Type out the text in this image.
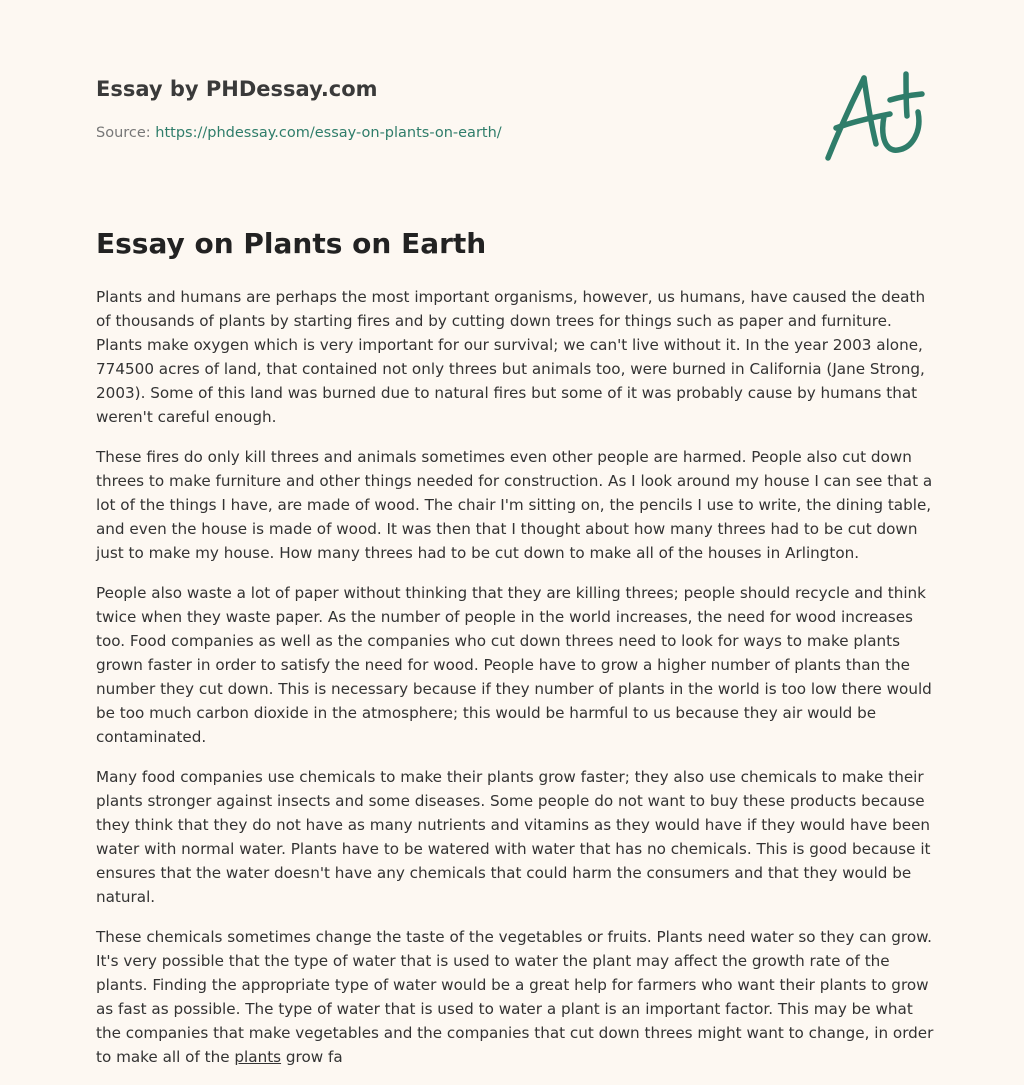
Essay by PHDessay.com
Source: https://phdessay.com/essay-on-plants-on-earth/
Essay on Plants on Earth

Plants and humans are perhaps the most important organisms, however, us humans, have caused the death of thousands of plants by starting fires and by cutting down trees for things such as paper and furniture. Plants make oxygen which is very important for our survival; we can't live without it. In the year 2003 alone, 774500 acres of land, that contained not only threes but animals too, were burned in California (Jane Strong, 2003). Some of this land was burned due to natural fires but some of it was probably cause by humans that weren't careful enough.

These fires do only kill threes and animals sometimes even other people are harmed. People also cut down threes to make furniture and other things needed for construction. As I look around my house I can see that a lot of the things I have, are made of wood. The chair I'm sitting on, the pencils I use to write, the dining table, and even the house is made of wood. It was then that I thought about how many threes had to be cut down just to make my house. How many threes had to be cut down to make all of the houses in Arlington.

People also waste a lot of paper without thinking that they are killing threes; people should recycle and think twice when they waste paper. As the number of people in the world increases, the need for wood increases too. Food companies as well as the companies who cut down threes need to look for ways to make plants grown faster in order to satisfy the need for wood. People have to grow a higher number of plants than the number they cut down. This is necessary because if they number of plants in the world is too low there would be too much carbon dioxide in the atmosphere; this would be harmful to us because they air would be contaminated.

Many food companies use chemicals to make their plants grow faster; they also use chemicals to make their plants stronger against insects and some diseases. Some people do not want to buy these products because they think that they do not have as many nutrients and vitamins as they would have if they would have been water with normal water. Plants have to be watered with water that has no chemicals. This is good because it ensures that the water doesn't have any chemicals that could harm the consumers and that they would be natural.

These chemicals sometimes change the taste of the vegetables or fruits. Plants need water so they can grow. It's very possible that the type of water that is used to water the plant may affect the growth rate of the plants. Finding the appropriate type of water would be a great help for farmers who want their plants to grow as fast as possible. The type of water that is used to water a plant is an important factor. This may be what the companies that make vegetables and the companies that cut down threes might want to change, in order to make all of the plants grow fa
